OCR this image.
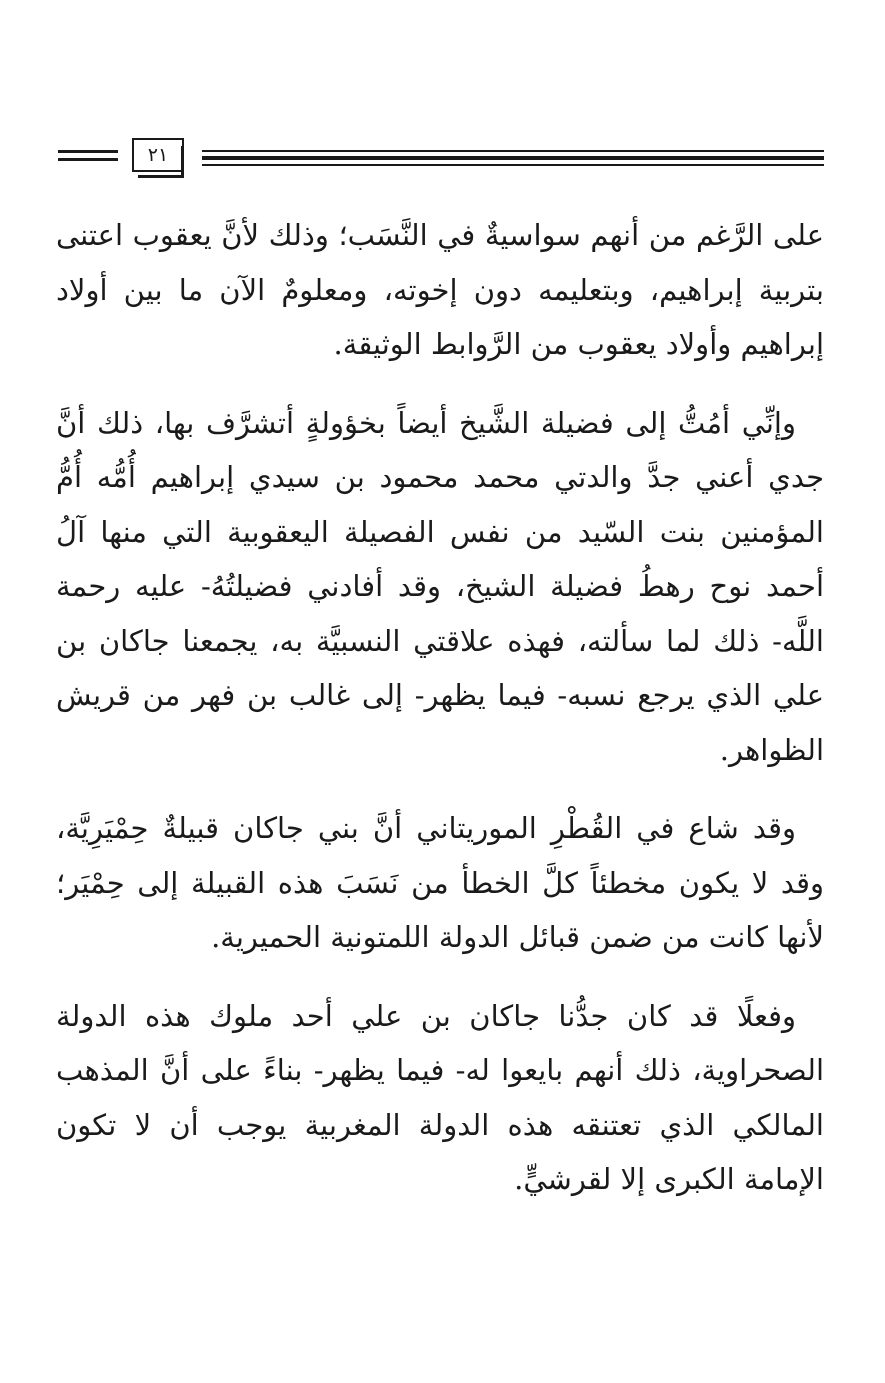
٢١

على الرَّغم من أنهم سواسيةٌ في النَّسَب؛ وذلك لأنَّ يعقوب اعتنى بتربية إبراهيم، وبتعليمه دون إخوته، ومعلومٌ الآن ما بين أولاد إبراهيم وأولاد يعقوب من الرَّوابط الوثيقة.

وإنِّي أمُتُّ إلى فضيلة الشَّيخ أيضاً بخؤولةٍ أتشرَّف بها، ذلك أنَّ جدي أعني جدَّ والدتي محمد محمود بن سيدي إبراهيم أُمُّه أُمُّ المؤمنين بنت السّيد من نفس الفصيلة اليعقوبية التي منها آلُ أحمد نوح رهطُ فضيلة الشيخ، وقد أفادني فضيلتُهُ- عليه رحمة اللَّه- ذلك لما سألته، فهذه علاقتي النسبيَّة به، يجمعنا جاكان بن علي الذي يرجع نسبه- فيما يظهر- إلى غالب بن فهر من قريش الظواهر.

وقد شاع في القُطْرِ الموريتاني أنَّ بني جاكان قبيلةٌ حِمْيَرِيَّة، وقد لا يكون مخطئاً كلَّ الخطأ من نَسَبَ هذه القبيلة إلى حِمْيَر؛ لأنها كانت من ضمن قبائل الدولة اللمتونية الحميرية.

وفعلًا قد كان جدُّنا جاكان بن علي أحد ملوك هذه الدولة الصحراوية، ذلك أنهم بايعوا له- فيما يظهر- بناءً على أنَّ المذهب المالكي الذي تعتنقه هذه الدولة المغربية يوجب أن لا تكون الإمامة الكبرى إلا لقرشيٍّ.
